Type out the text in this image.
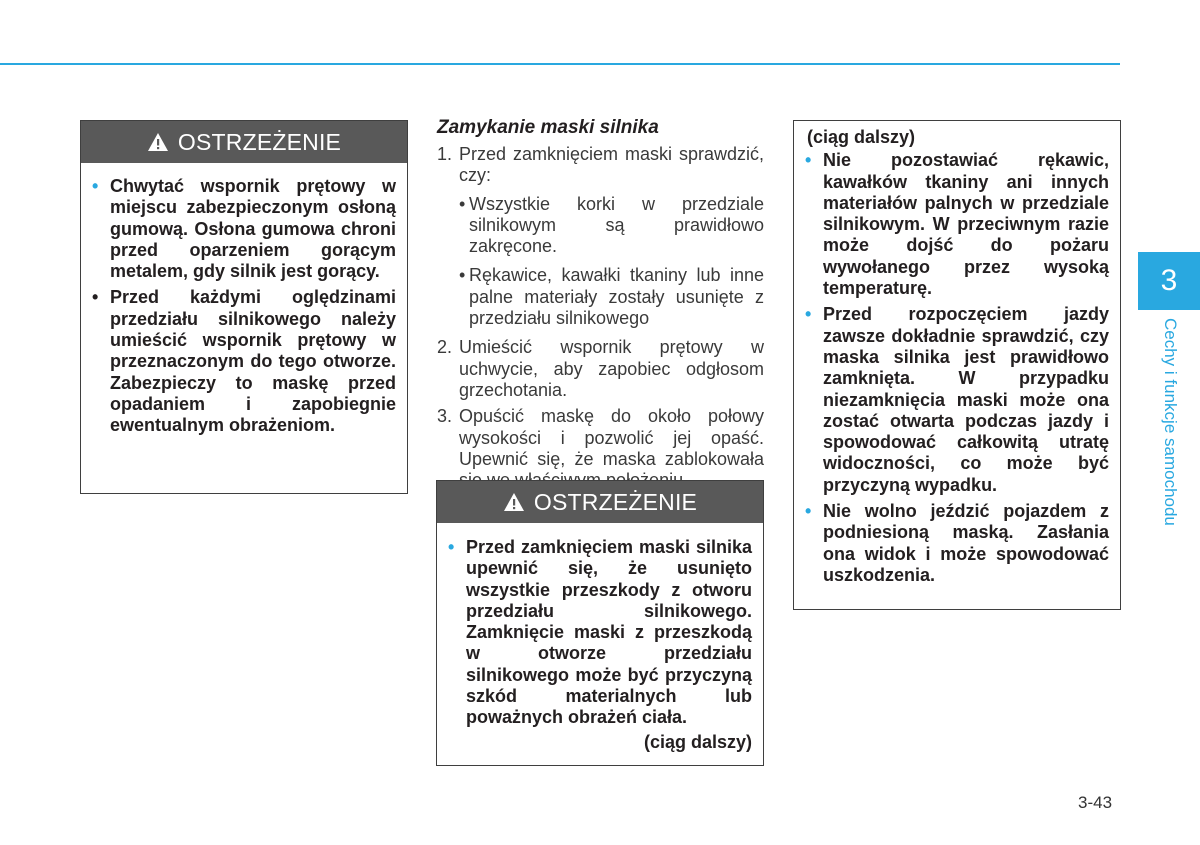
OSTRZEŻENIE
• Chwytać wspornik prętowy w miejscu zabezpieczonym osłoną gumową. Osłona gumowa chroni przed oparzeniem gorącym metalem, gdy silnik jest gorący.
• Przed każdymi oględzinami przedziału silnikowego należy umieścić wspornik prętowy w przeznaczonym do tego otworze. Zabezpieczy to maskę przed opadaniem i zapobiegnie ewentualnym obrażeniom.
Zamykanie maski silnika
1. Przed zamknięciem maski sprawdzić, czy:
• Wszystkie korki w przedziale silnikowym są prawidłowo zakręcone.
• Rękawice, kawałki tkaniny lub inne palne materiały zostały usunięte z przedziału silnikowego
2. Umieścić wspornik prętowy w uchwycie, aby zapobiec odgłosom grzechotania.
3. Opuścić maskę do około połowy wysokości i pozwolić jej opaść. Upewnić się, że maska zablokowała
OSTRZEŻENIE
• Przed zamknięciem maski silnika upewnić się, że usunięto wszystkie przeszkody z otworu przedziału silnikowego. Zamknięcie maski z przeszkodą w otworze przedziału silnikowego może być przyczyną szkód materialnych lub poważnych obrażeń ciała.
(ciąg dalszy)
(ciąg dalszy)
• Nie pozostawiać rękawic, kawałków tkaniny ani innych materiałów palnych w przedziale silnikowym. W przeciwnym razie może dojść do pożaru wywołanego przez wysoką temperaturę.
• Przed rozpoczęciem jazdy zawsze dokładnie sprawdzić, czy maska silnika jest prawidłowo zamknięta. W przypadku niezamknięcia maski może ona zostać otwarta podczas jazdy i spowodować całkowitą utratę widoczności, co może być przyczyną wypadku.
• Nie wolno jeździć pojazdem z podniesioną maską. Zasłania ona widok i może spowodować uszkodzenia.
3
Cechy i funkcje samochodu
3-43
